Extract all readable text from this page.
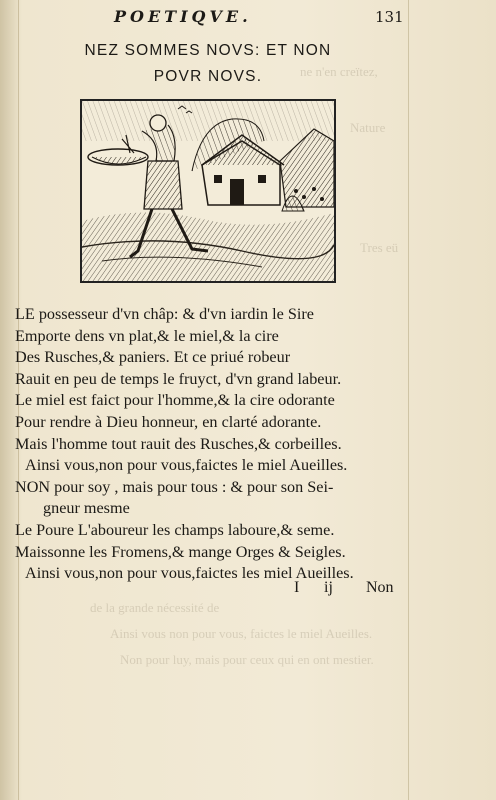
ne n'en creïtez,
Nature
Tres eü
de la grande nécessité de
Ainsi vous non pour vous, faictes le miel Aueilles.
Non pour luy, mais pour ceux qui en ont mestier.
POETIQVE.	131
NEZ SOMMES NOVS: ET NON
POVR NOVS.
LE possesseur d'vn châp: & d'vn iardin le Sire
Emporte dens vn plat,& le miel,& la cire
Des Rusches,& paniers. Et ce priué robeur
Rauit en peu de temps le fruyct, d'vn grand labeur.
Le miel est faict pour l'homme,& la cire odorante
Pour rendre à Dieu honneur, en clarté adorante.
Mais l'homme tout rauit des Rusches,& corbeilles.
Ainsi vous,non pour vous,faictes le miel Aueilles.
NON pour soy , mais pour tous : & pour son Sei-
gneur mesme
Le Poure L'aboureur les champs laboure,& seme.
Maissonne les Fromens,& mange Orges & Seigles.
Ainsi vous,non pour vous,faictes les miel Aueilles.
I ij Non
